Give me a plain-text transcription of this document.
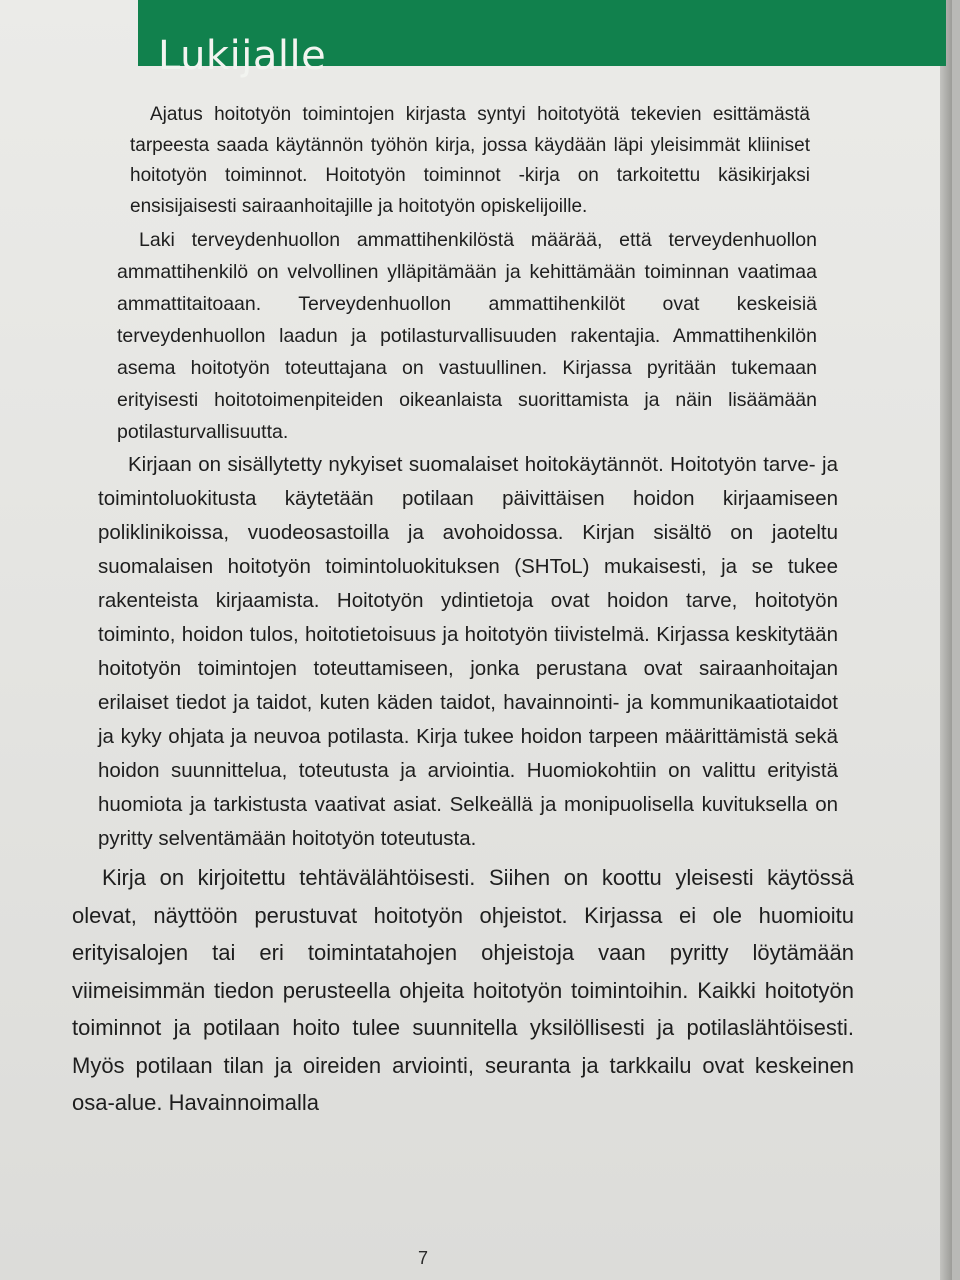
Lukijalle

Ajatus hoitotyön toimintojen kirjasta syntyi hoitotyötä tekevien esittämästä tarpeesta saada käytännön työhön kirja, jossa käydään läpi yleisimmät kliiniset hoitotyön toiminnot. Hoitotyön toiminnot -kirja on tarkoitettu käsikirjaksi ensisijaisesti sairaanhoitajille ja hoitotyön opiskelijoille.

Laki terveydenhuollon ammattihenkilöstä määrää, että terveydenhuollon ammattihenkilö on velvollinen ylläpitämään ja kehittämään toiminnan vaatimaa ammattitaitoaan. Terveydenhuollon ammattihenkilöt ovat keskeisiä terveydenhuollon laadun ja potilasturvallisuuden rakentajia. Ammattihenkilön asema hoitotyön toteuttajana on vastuullinen. Kirjassa pyritään tukemaan erityisesti hoitotoimenpiteiden oikeanlaista suorittamista ja näin lisäämään potilasturvallisuutta.

Kirjaan on sisällytetty nykyiset suomalaiset hoitokäytännöt. Hoitotyön tarve- ja toimintoluokitusta käytetään potilaan päivittäisen hoidon kirjaamiseen poliklinikoissa, vuodeosastoilla ja avohoidossa. Kirjan sisältö on jaoteltu suomalaisen hoitotyön toimintoluokituksen (SHToL) mukaisesti, ja se tukee rakenteista kirjaamista. Hoitotyön ydintietoja ovat hoidon tarve, hoitotyön toiminto, hoidon tulos, hoitotietoisuus ja hoitotyön tiivistelmä. Kirjassa keskitytään hoitotyön toimintojen toteuttamiseen, jonka perustana ovat sairaanhoitajan erilaiset tiedot ja taidot, kuten käden taidot, havainnointi- ja kommunikaatiotaidot ja kyky ohjata ja neuvoa potilasta. Kirja tukee hoidon tarpeen määrittämistä sekä hoidon suunnittelua, toteutusta ja arviointia. Huomiokohtiin on valittu erityistä huomiota ja tarkistusta vaativat asiat. Selkeällä ja monipuolisella kuvituksella on pyritty selventämään hoitotyön toteutusta.

Kirja on kirjoitettu tehtävälähtöisesti. Siihen on koottu yleisesti käytössä olevat, näyttöön perustuvat hoitotyön ohjeistot. Kirjassa ei ole huomioitu erityisalojen tai eri toimintatahojen ohjeistoja vaan pyritty löytämään viimeisimmän tiedon perusteella ohjeita hoitotyön toimintoihin. Kaikki hoitotyön toiminnot ja potilaan hoito tulee suunnitella yksilöllisesti ja potilaslähtöisesti. Myös potilaan tilan ja oireiden arviointi, seuranta ja tarkkailu ovat keskeinen osa-alue. Havainnoimalla

7
